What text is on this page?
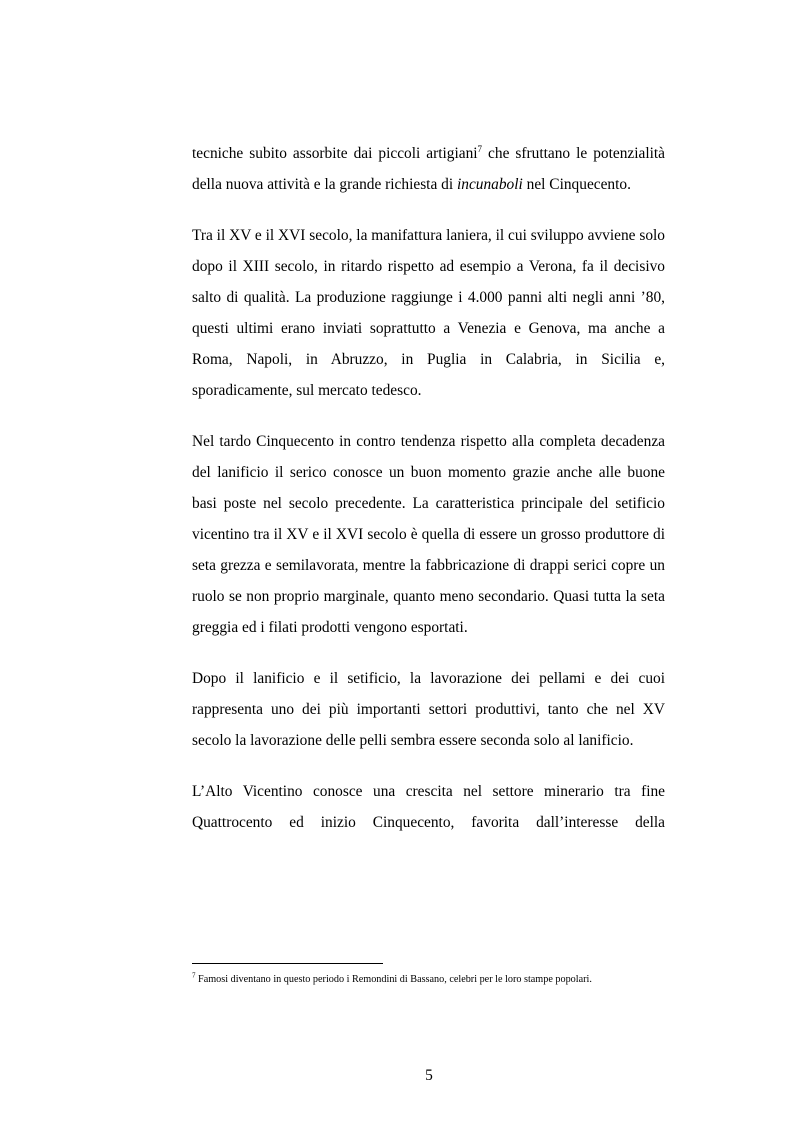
tecniche subito assorbite dai piccoli artigiani$^7$ che sfruttano le potenzialità della nuova attività e la grande richiesta di incunaboli nel Cinquecento.

Tra il XV e il XVI secolo, la manifattura laniera, il cui sviluppo avviene solo dopo il XIII secolo, in ritardo rispetto ad esempio a Verona, fa il decisivo salto di qualità. La produzione raggiunge i 4.000 panni alti negli anni ’80, questi ultimi erano inviati soprattutto a Venezia e Genova, ma anche a Roma, Napoli, in Abruzzo, in Puglia in Calabria, in Sicilia e, sporadicamente, sul mercato tedesco.

Nel tardo Cinquecento in contro tendenza rispetto alla completa decadenza del lanificio il serico conosce un buon momento grazie anche alle buone basi poste nel secolo precedente. La caratteristica principale del setificio vicentino tra il XV e il XVI secolo è quella di essere un grosso produttore di seta grezza e semilavorata, mentre la fabbricazione di drappi serici copre un ruolo se non proprio marginale, quanto meno secondario. Quasi tutta la seta greggia ed i filati prodotti vengono esportati.

Dopo il lanificio e il setificio, la lavorazione dei pellami e dei cuoi rappresenta uno dei più importanti settori produttivi, tanto che nel XV secolo la lavorazione delle pelli sembra essere seconda solo al lanificio.

L’Alto Vicentino conosce una crescita nel settore minerario tra fine Quattrocento ed inizio Cinquecento, favorita dall’interesse della

$^7$ Famosi diventano in questo periodo i Remondini di Bassano, celebri per le loro stampe popolari.

5
